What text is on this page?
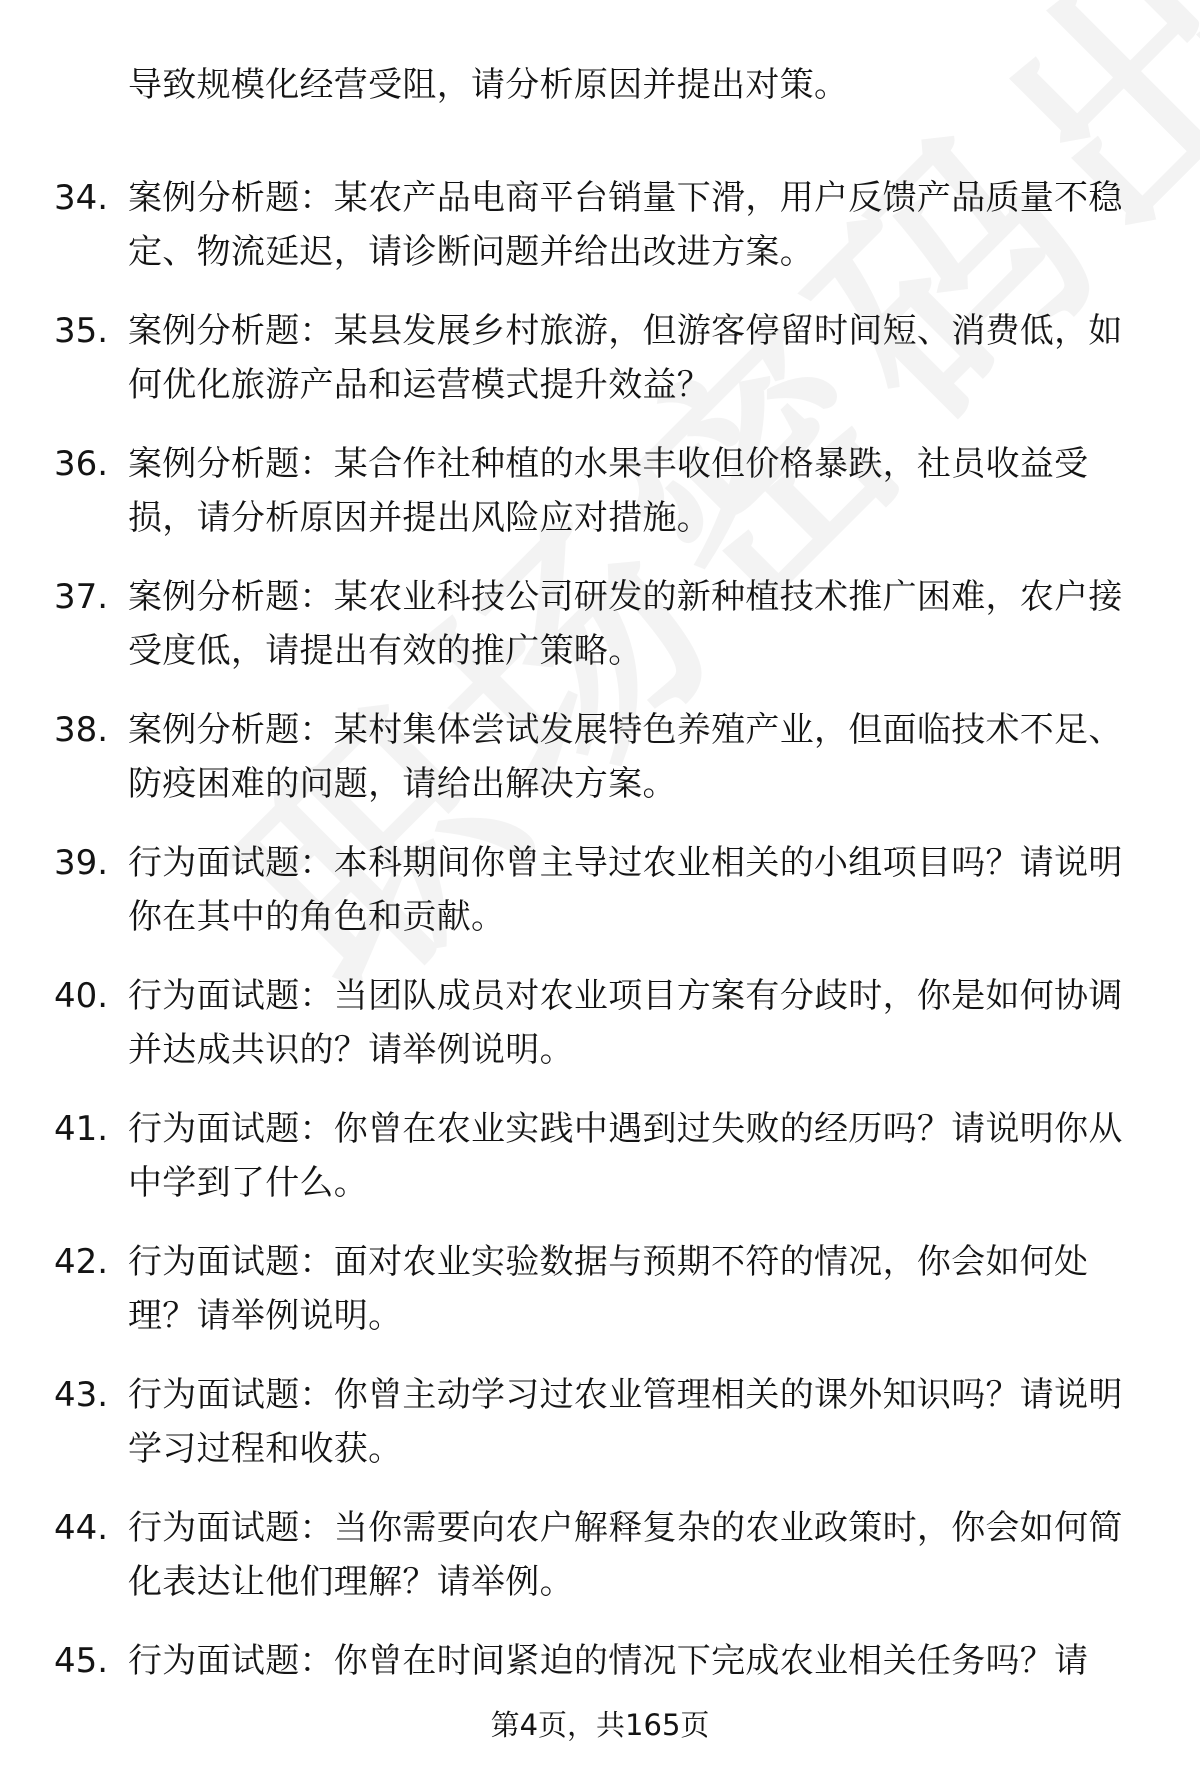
导致规模化经营受阻，请分析原因并提出对策。
34. 案例分析题：某农产品电商平台销量下滑，用户反馈产品质量不稳定、物流延迟，请诊断问题并给出改进方案。
35. 案例分析题：某县发展乡村旅游，但游客停留时间短、消费低，如何优化旅游产品和运营模式提升效益？
36. 案例分析题：某合作社种植的水果丰收但价格暴跌，社员收益受损，请分析原因并提出风险应对措施。
37. 案例分析题：某农业科技公司研发的新种植技术推广困难，农户接受度低，请提出有效的推广策略。
38. 案例分析题：某村集体尝试发展特色养殖产业，但面临技术不足、防疫困难的问题，请给出解决方案。
39. 行为面试题：本科期间你曾主导过农业相关的小组项目吗？请说明你在其中的角色和贡献。
40. 行为面试题：当团队成员对农业项目方案有分歧时，你是如何协调并达成共识的？请举例说明。
41. 行为面试题：你曾在农业实践中遇到过失败的经历吗？请说明你从中学到了什么。
42. 行为面试题：面对农业实验数据与预期不符的情况，你会如何处理？请举例说明。
43. 行为面试题：你曾主动学习过农业管理相关的课外知识吗？请说明学习过程和收获。
44. 行为面试题：当你需要向农户解释复杂的农业政策时，你会如何简化表达让他们理解？请举例。
45. 行为面试题：你曾在时间紧迫的情况下完成农业相关任务吗？请
第4页，共165页
